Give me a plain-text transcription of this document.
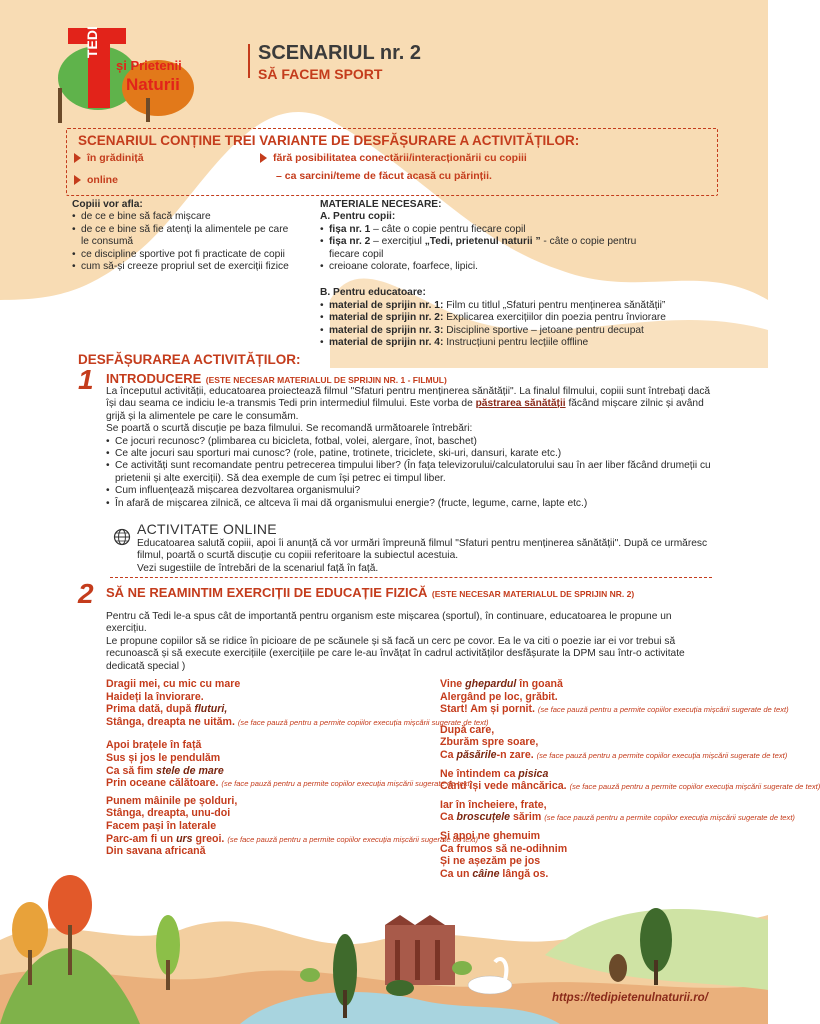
TEDI
și Prietenii
Naturii
SCENARIUL nr. 2
SĂ FACEM SPORT
SCENARIUL CONȚINE TREI VARIANTE DE DESFĂȘURARE A ACTIVITĂȚILOR:
în grădiniță
online
fără posibilitatea conectării/interacționării cu copiii
– ca sarcini/teme de făcut acasă cu părinții.
Copiii vor afla:
• de ce e bine să facă mișcare
• de ce e bine să fie atenți la alimentele pe care le consumă
• ce discipline sportive pot fi practicate de copii
• cum să-și creeze propriul set de exerciții fizice
MATERIALE NECESARE:
A. Pentru copii:
• fișa nr. 1 – câte o copie pentru fiecare copil
• fișa nr. 2 – exercițiul „Tedi, prietenul naturii ” - câte o copie pentru fiecare copil
• creioane colorate, foarfece, lipici.
B. Pentru educatoare:
• material de sprijin nr. 1: Film cu titlul „Sfaturi pentru menținerea sănătății”
• material de sprijin nr. 2: Explicarea exercițiilor din poezia pentru înviorare
• material de sprijin nr. 3: Discipline sportive – jetoane pentru decupat
• material de sprijin nr. 4: Instrucțiuni pentru lecțiile offline
DESFĂȘURAREA ACTIVITĂȚILOR:
1 INTRODUCERE (ESTE NECESAR MATERIALUL DE SPRIJIN NR. 1 - FILMUL)
La începutul activității, educatoarea proiectează filmul "Sfaturi pentru menținerea sănătății". La finalul filmului, copiii sunt întrebați dacă își dau seama ce indiciu le-a transmis Tedi prin intermediul filmului. Este vorba de păstrarea sănătății făcând mișcare zilnic și având grijă și la alimentele pe care le consumăm.
Se poartă o scurtă discuție pe baza filmului. Se recomandă următoarele întrebări:
• Ce jocuri recunosc? (plimbarea cu bicicleta, fotbal, volei, alergare, înot, baschet)
• Ce alte jocuri sau sporturi mai cunosc? (role, patine, trotinete, triciclete, ski-uri, dansuri, karate etc.)
• Ce activități sunt recomandate pentru petrecerea timpului liber? (În fața televizorului/calculatorului sau în aer liber făcând drumeții cu prietenii și alte exerciții). Să dea exemple de cum își petrec ei timpul liber.
• Cum influențează mișcarea dezvoltarea organismului?
• În afară de mișcarea zilnică, ce altceva îi mai dă organismului energie? (fructe, legume, carne, lapte etc.)
ACTIVITATE ONLINE
Educatoarea salută copiii, apoi îi anunță că vor urmări împreună filmul "Sfaturi pentru menținerea sănătății". După ce urmăresc filmul, poartă o scurtă discuție cu copiii referitoare la subiectul acestuia.
Vezi sugestiile de întrebări de la scenariul față în față.
2 SĂ NE REAMINTIM EXERCIȚII DE EDUCAȚIE FIZICĂ (ESTE NECESAR MATERIALUL DE SPRIJIN NR. 2)
Pentru că Tedi le-a spus cât de importantă pentru organism este mișcarea (sportul), în continuare, educatoarea le propune un exercițiu.
Le propune copiilor să se ridice în picioare de pe scăunele și să facă un cerc pe covor. Ea le va citi o poezie iar ei vor trebui să recunoască și să execute exercițiile (exercițiile pe care le-au învățat în cadrul activităților desfășurate la DPM sau într-o activitate dedicată special )
Dragii mei, cu mic cu mare
Haideți la înviorare.
Prima dată, după fluturi,
Stânga, dreapta ne uităm. (se face pauză pentru a permite copiilor execuția mișcării sugerate de text)
Apoi brațele în față
Sus și jos le pendulăm
Ca să fim stele de mare
Prin oceane călătoare. (se face pauză pentru a permite copiilor execuția mișcării sugerate de text)
Punem mâinile pe șolduri,
Stânga, dreapta, unu-doi
Facem pași în laterale
Parc-am fi un urs greoi. (se face pauză pentru a permite copiilor execuția mișcării sugerate de text)
Din savana africană
Vine ghepardul în goană
Alergând pe loc, grăbit.
Start! Am și pornit. (se face pauză pentru a permite copiilor execuția mișcării sugerate de text)
După care,
Zburăm spre soare,
Ca păsările-n zare. (se face pauză pentru a permite copiilor execuția mișcării sugerate de text)
Ne întindem ca pisica
Când își vede mâncărica. (se face pauză pentru a permite copiilor execuția mișcării sugerate de text)
Iar în încheiere, frate,
Ca broscuțele sărim (se face pauză pentru a permite copiilor execuția mișcării sugerate de text)
Și apoi ne ghemuim
Ca frumos să ne-odihnim
Și ne așezăm pe jos
Ca un câine lângă os.
https://tedipietenulnaturii.ro/
